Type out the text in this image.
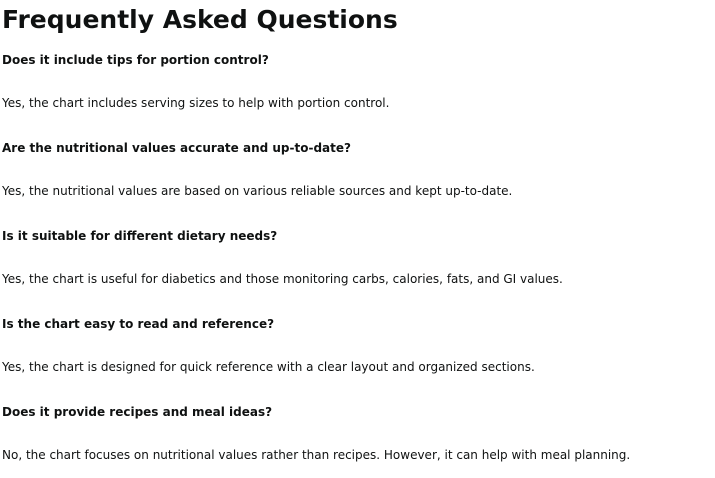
Frequently Asked Questions

Does it include tips for portion control?

Yes, the chart includes serving sizes to help with portion control.

Are the nutritional values accurate and up-to-date?

Yes, the nutritional values are based on various reliable sources and kept up-to-date.

Is it suitable for different dietary needs?

Yes, the chart is useful for diabetics and those monitoring carbs, calories, fats, and GI values.

Is the chart easy to read and reference?

Yes, the chart is designed for quick reference with a clear layout and organized sections.

Does it provide recipes and meal ideas?

No, the chart focuses on nutritional values rather than recipes. However, it can help with meal planning.
